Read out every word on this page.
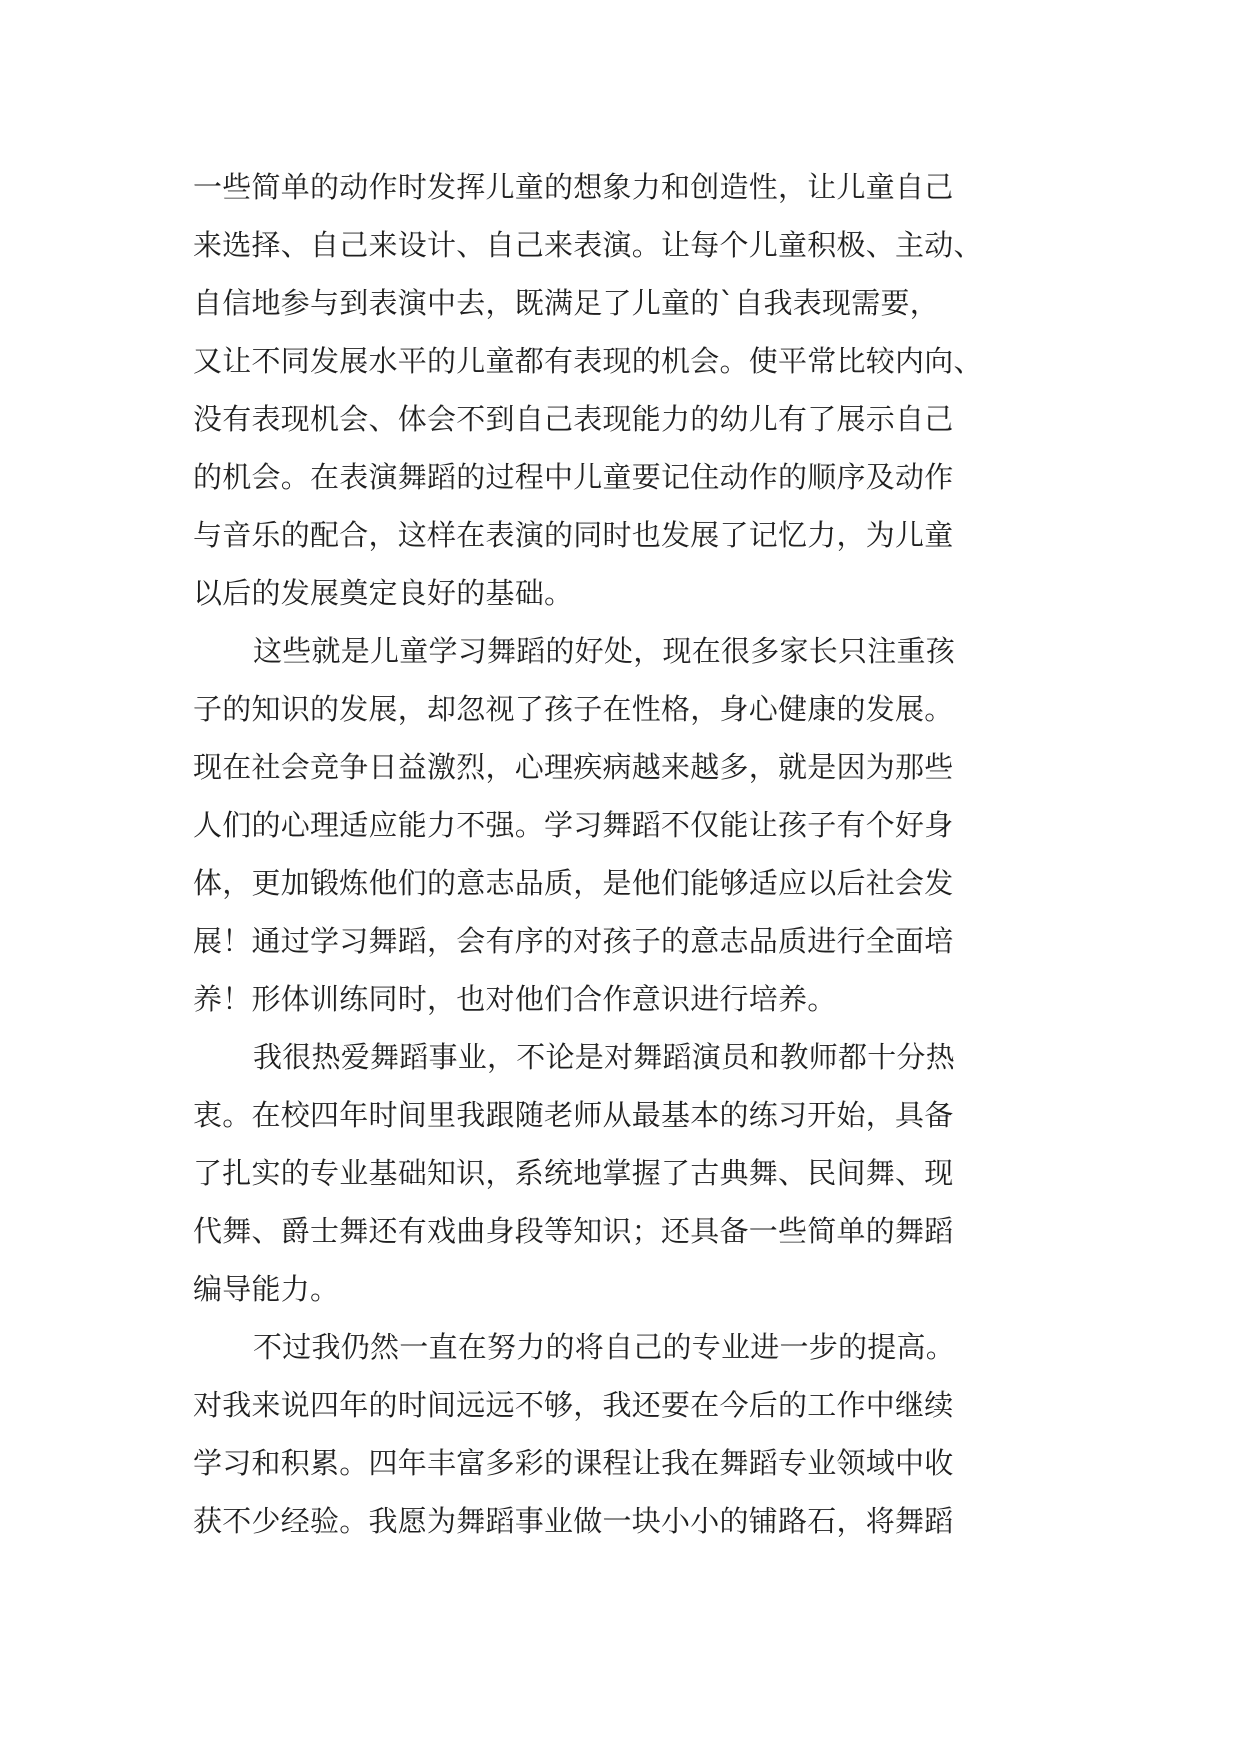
一些简单的动作时发挥儿童的想象力和创造性，让儿童自己
来选择、自己来设计、自己来表演。让每个儿童积极、主动、
自信地参与到表演中去，既满足了儿童的`自我表现需要，
又让不同发展水平的儿童都有表现的机会。使平常比较内向、
没有表现机会、体会不到自己表现能力的幼儿有了展示自己
的机会。在表演舞蹈的过程中儿童要记住动作的顺序及动作
与音乐的配合，这样在表演的同时也发展了记忆力，为儿童
以后的发展奠定良好的基础。
这些就是儿童学习舞蹈的好处，现在很多家长只注重孩
子的知识的发展，却忽视了孩子在性格，身心健康的发展。
现在社会竞争日益激烈，心理疾病越来越多，就是因为那些
人们的心理适应能力不强。学习舞蹈不仅能让孩子有个好身
体，更加锻炼他们的意志品质，是他们能够适应以后社会发
展！通过学习舞蹈，会有序的对孩子的意志品质进行全面培
养！形体训练同时，也对他们合作意识进行培养。
我很热爱舞蹈事业，不论是对舞蹈演员和教师都十分热
衷。在校四年时间里我跟随老师从最基本的练习开始，具备
了扎实的专业基础知识，系统地掌握了古典舞、民间舞、现
代舞、爵士舞还有戏曲身段等知识；还具备一些简单的舞蹈
编导能力。
不过我仍然一直在努力的将自己的专业进一步的提高。
对我来说四年的时间远远不够，我还要在今后的工作中继续
学习和积累。四年丰富多彩的课程让我在舞蹈专业领域中收
获不少经验。我愿为舞蹈事业做一块小小的铺路石，将舞蹈
